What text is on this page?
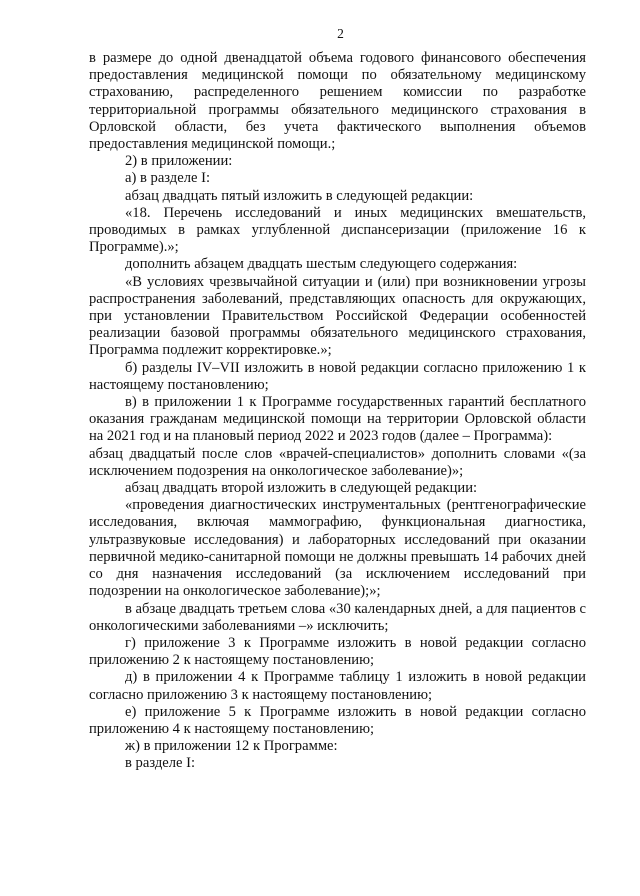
2

в размере до одной двенадцатой объема годового финансового обеспечения предоставления медицинской помощи по обязательному медицинскому страхованию, распределенного решением комиссии по разработке территориальной программы обязательного медицинского страхования в Орловской области, без учета фактического выполнения объемов предоставления медицинской помощи.;

2) в приложении:

а) в разделе I:

абзац двадцать пятый изложить в следующей редакции:

«18. Перечень исследований и иных медицинских вмешательств, проводимых в рамках углубленной диспансеризации (приложение 16 к Программе).»;

дополнить абзацем двадцать шестым следующего содержания:

«В условиях чрезвычайной ситуации и (или) при возникновении угрозы распространения заболеваний, представляющих опасность для окружающих, при установлении Правительством Российской Федерации особенностей реализации базовой программы обязательного медицинского страхования, Программа подлежит корректировке.»;

б) разделы IV–VII изложить в новой редакции согласно приложению 1 к настоящему постановлению;

в) в приложении 1 к Программе государственных гарантий бесплатного оказания гражданам медицинской помощи на территории Орловской области на 2021 год и на плановый период 2022 и 2023 годов (далее – Программа):

абзац двадцатый после слов «врачей-специалистов» дополнить словами «(за исключением подозрения на онкологическое заболевание)»;

абзац двадцать второй изложить в следующей редакции:

«проведения диагностических инструментальных (рентгенографические исследования, включая маммографию, функциональная диагностика, ультразвуковые исследования) и лабораторных исследований при оказании первичной медико-санитарной помощи не должны превышать 14 рабочих дней со дня назначения исследований (за исключением исследований при подозрении на онкологическое заболевание);»;

в абзаце двадцать третьем слова «30 календарных дней, а для пациентов с онкологическими заболеваниями –» исключить;

г) приложение 3 к Программе изложить в новой редакции согласно приложению 2 к настоящему постановлению;

д) в приложении 4 к Программе таблицу 1 изложить в новой редакции согласно приложению 3 к настоящему постановлению;

е) приложение 5 к Программе изложить в новой редакции согласно приложению 4 к настоящему постановлению;

ж) в приложении 12 к Программе:

в разделе I:
